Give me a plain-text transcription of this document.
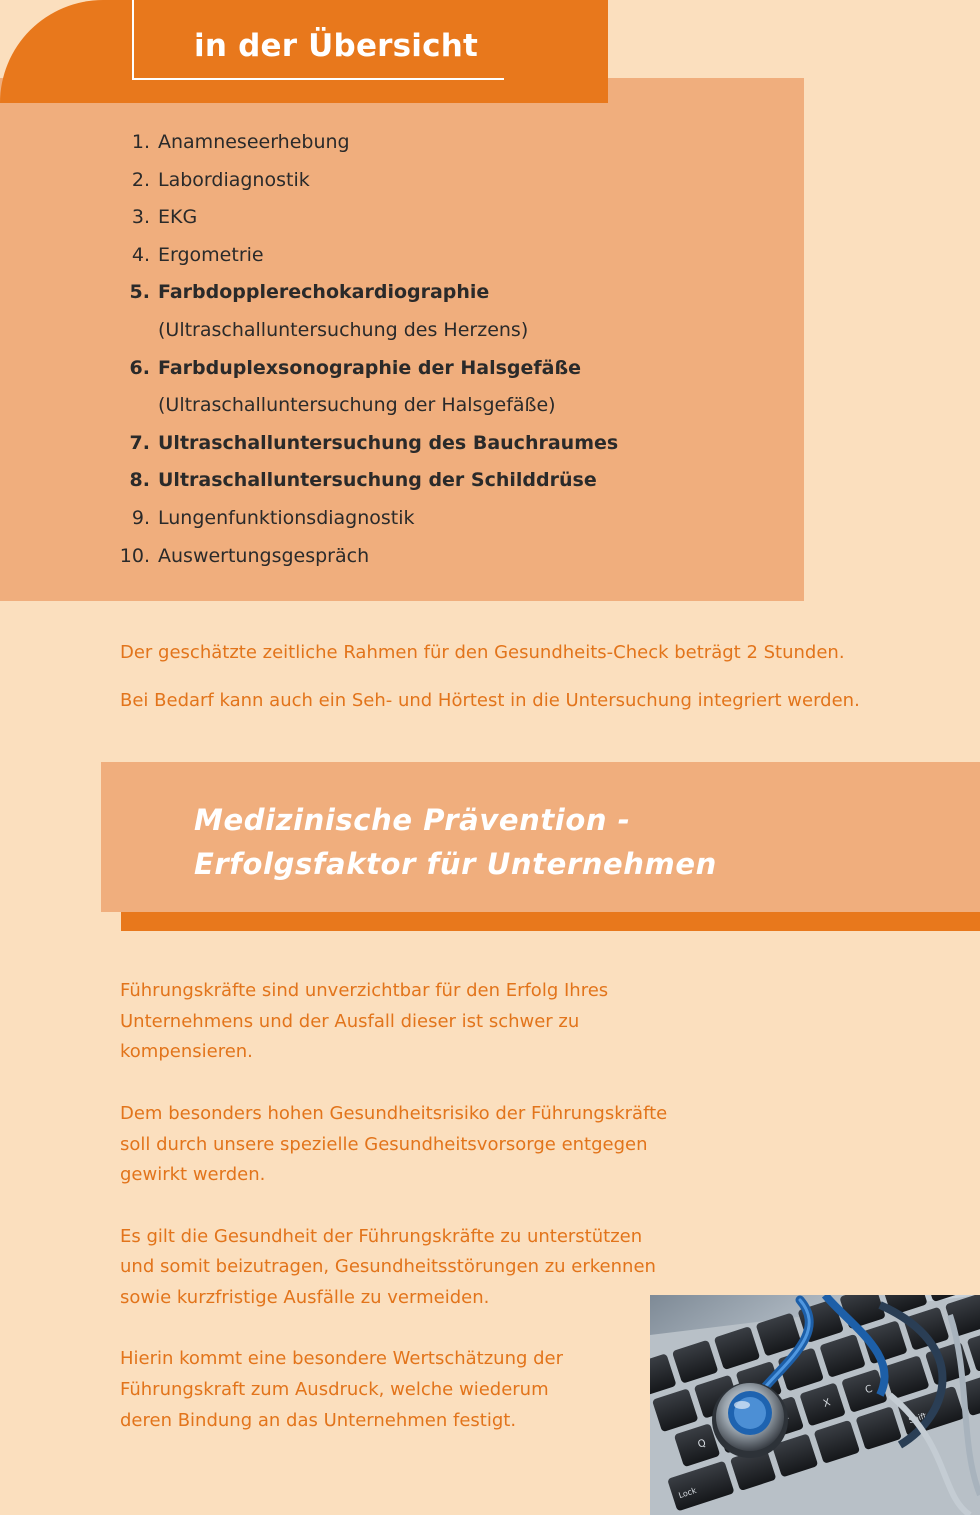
in der Übersicht
1. Anamneseerhebung
2. Labordiagnostik
3. EKG
4. Ergometrie
5. Farbdopplerechokardiographie
(Ultraschalluntersuchung des Herzens)
6. Farbduplexsonographie der Halsgefäße
(Ultraschalluntersuchung der Halsgefäße)
7. Ultraschalluntersuchung des Bauchraumes
8. Ultraschalluntersuchung der Schilddrüse
9. Lungenfunktionsdiagnostik
10. Auswertungsgespräch
Der geschätzte zeitliche Rahmen für den Gesundheits-Check beträgt 2 Stunden.
Bei Bedarf kann auch ein Seh- und Hörtest in die Untersuchung integriert werden.
Medizinische Prävention -
Erfolgsfaktor für Unternehmen

Führungskräfte sind unverzichtbar für den Erfolg Ihres
Unternehmens und der Ausfall dieser ist schwer zu
kompensieren.

Dem besonders hohen Gesundheitsrisiko der Führungskräfte
soll durch unsere spezielle Gesundheitsvorsorge entgegen
gewirkt werden.

Es gilt die Gesundheit der Führungskräfte zu unterstützen
und somit beizutragen, Gesundheitsstörungen zu erkennen
sowie kurzfristige Ausfälle zu vermeiden.

Hierin kommt eine besondere Wertschätzung der
Führungskraft zum Ausdruck, welche wiederum
deren Bindung an das Unternehmen festigt.

Q
X
C
Lock
Shift
